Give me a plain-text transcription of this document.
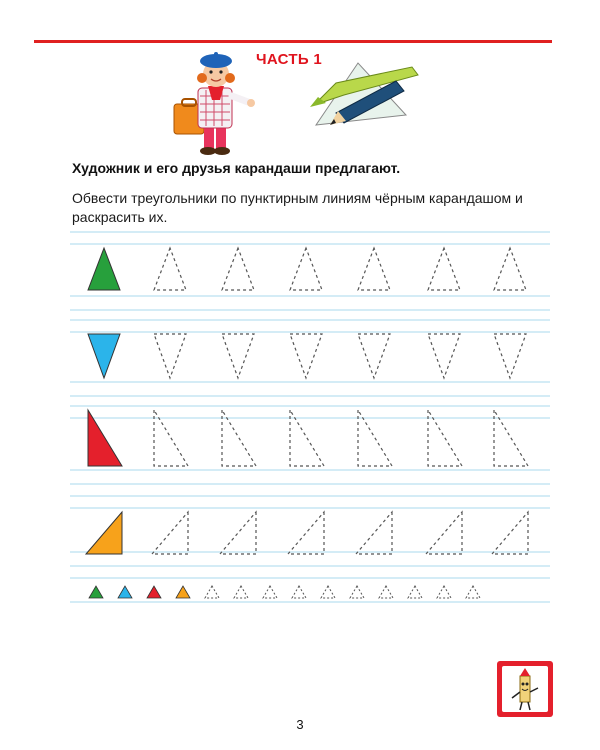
ЧАСТЬ 1
Художник и его друзья карандаши предлагают.
Обвести треугольники по пунктирным линиям чёрным карандашом и раскрасить их.
3
